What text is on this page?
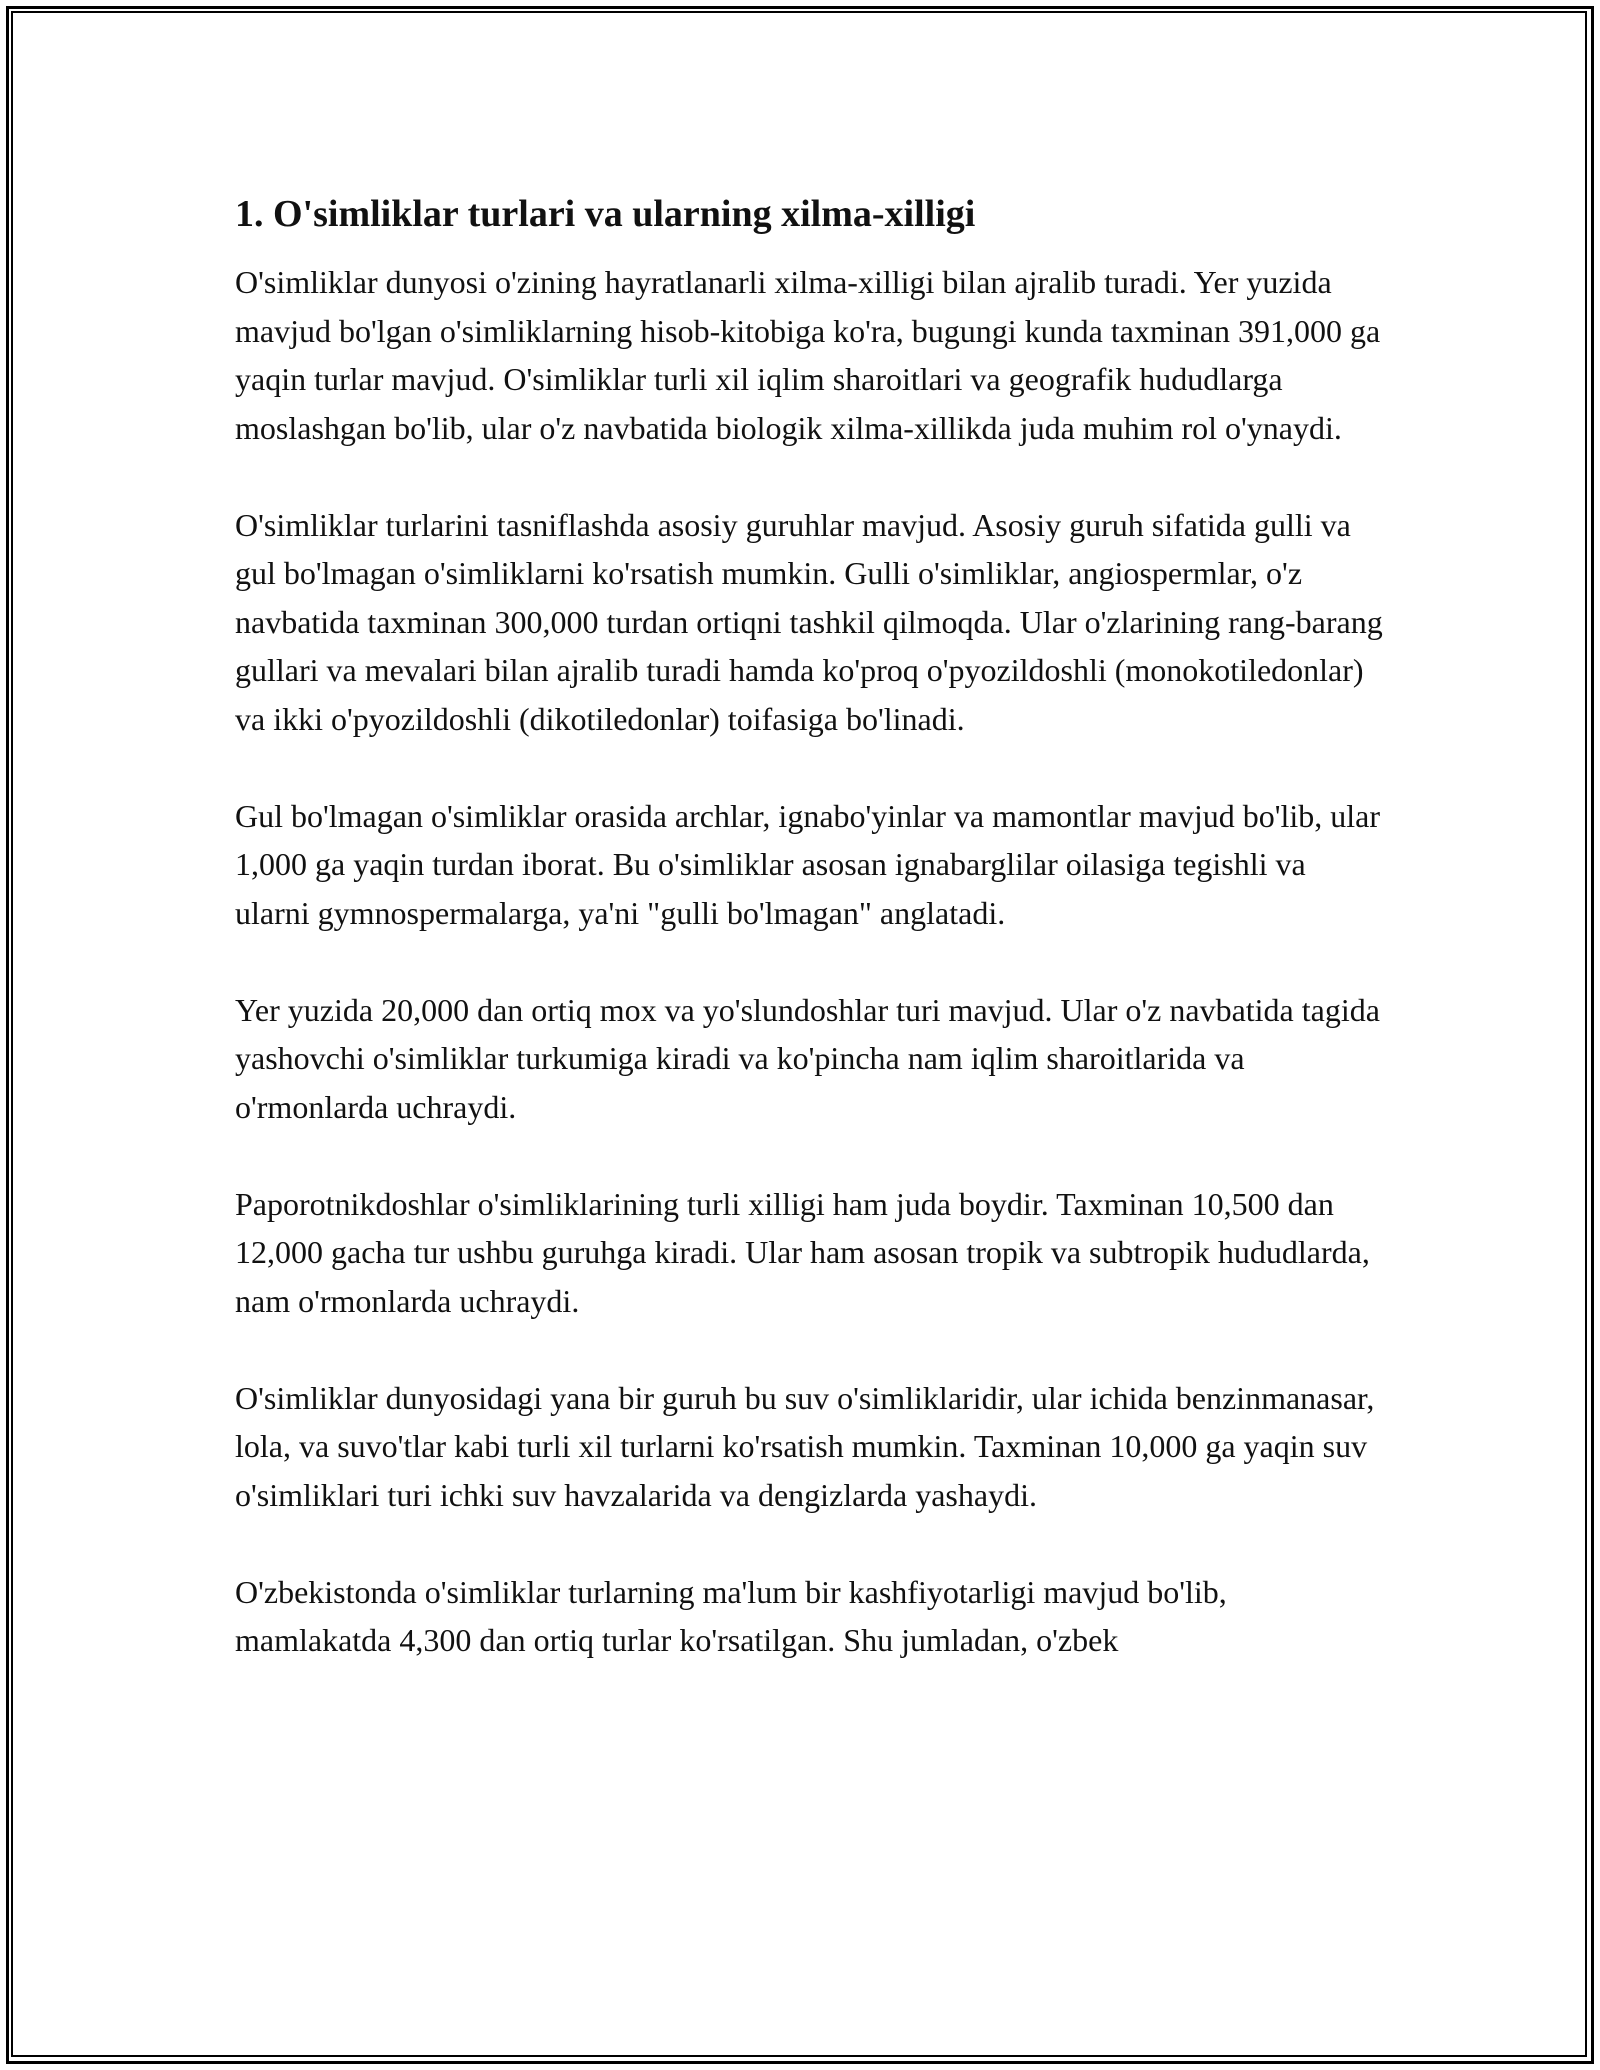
1. O'simliklar turlari va ularning xilma-xilligi

O'simliklar dunyosi o'zining hayratlanarli xilma-xilligi bilan ajralib turadi. Yer yuzida mavjud bo'lgan o'simliklarning hisob-kitobiga ko'ra, bugungi kunda taxminan 391,000 ga yaqin turlar mavjud. O'simliklar turli xil iqlim sharoitlari va geografik hududlarga moslashgan bo'lib, ular o'z navbatida biologik xilma-xillikda juda muhim rol o'ynaydi.

O'simliklar turlarini tasniflashda asosiy guruhlar mavjud. Asosiy guruh sifatida gulli va gul bo'lmagan o'simliklarni ko'rsatish mumkin. Gulli o'simliklar, angiospermlar, o'z navbatida taxminan 300,000 turdan ortiqni tashkil qilmoqda. Ular o'zlarining rang-barang gullari va mevalari bilan ajralib turadi hamda ko'proq o'pyozildoshli (monokotiledonlar) va ikki o'pyozildoshli (dikotiledonlar) toifasiga bo'linadi.

Gul bo'lmagan o'simliklar orasida archlar, ignabo'yinlar va mamontlar mavjud bo'lib, ular 1,000 ga yaqin turdan iborat. Bu o'simliklar asosan ignabarglilar oilasiga tegishli va ularni gymnospermalarga, ya'ni "gulli bo'lmagan" anglatadi.

Yer yuzida 20,000 dan ortiq mox va yo'slundoshlar turi mavjud. Ular o'z navbatida tagida yashovchi o'simliklar turkumiga kiradi va ko'pincha nam iqlim sharoitlarida va o'rmonlarda uchraydi.

Paporotnikdoshlar o'simliklarining turli xilligi ham juda boydir. Taxminan 10,500 dan 12,000 gacha tur ushbu guruhga kiradi. Ular ham asosan tropik va subtropik hududlarda, nam o'rmonlarda uchraydi.

O'simliklar dunyosidagi yana bir guruh bu suv o'simliklaridir, ular ichida benzinmanasar, lola, va suvo'tlar kabi turli xil turlarni ko'rsatish mumkin. Taxminan 10,000 ga yaqin suv o'simliklari turi ichki suv havzalarida va dengizlarda yashaydi.

O'zbekistonda o'simliklar turlarning ma'lum bir kashfiyotarligi mavjud bo'lib, mamlakatda 4,300 dan ortiq turlar ko'rsatilgan. Shu jumladan, o'zbek
